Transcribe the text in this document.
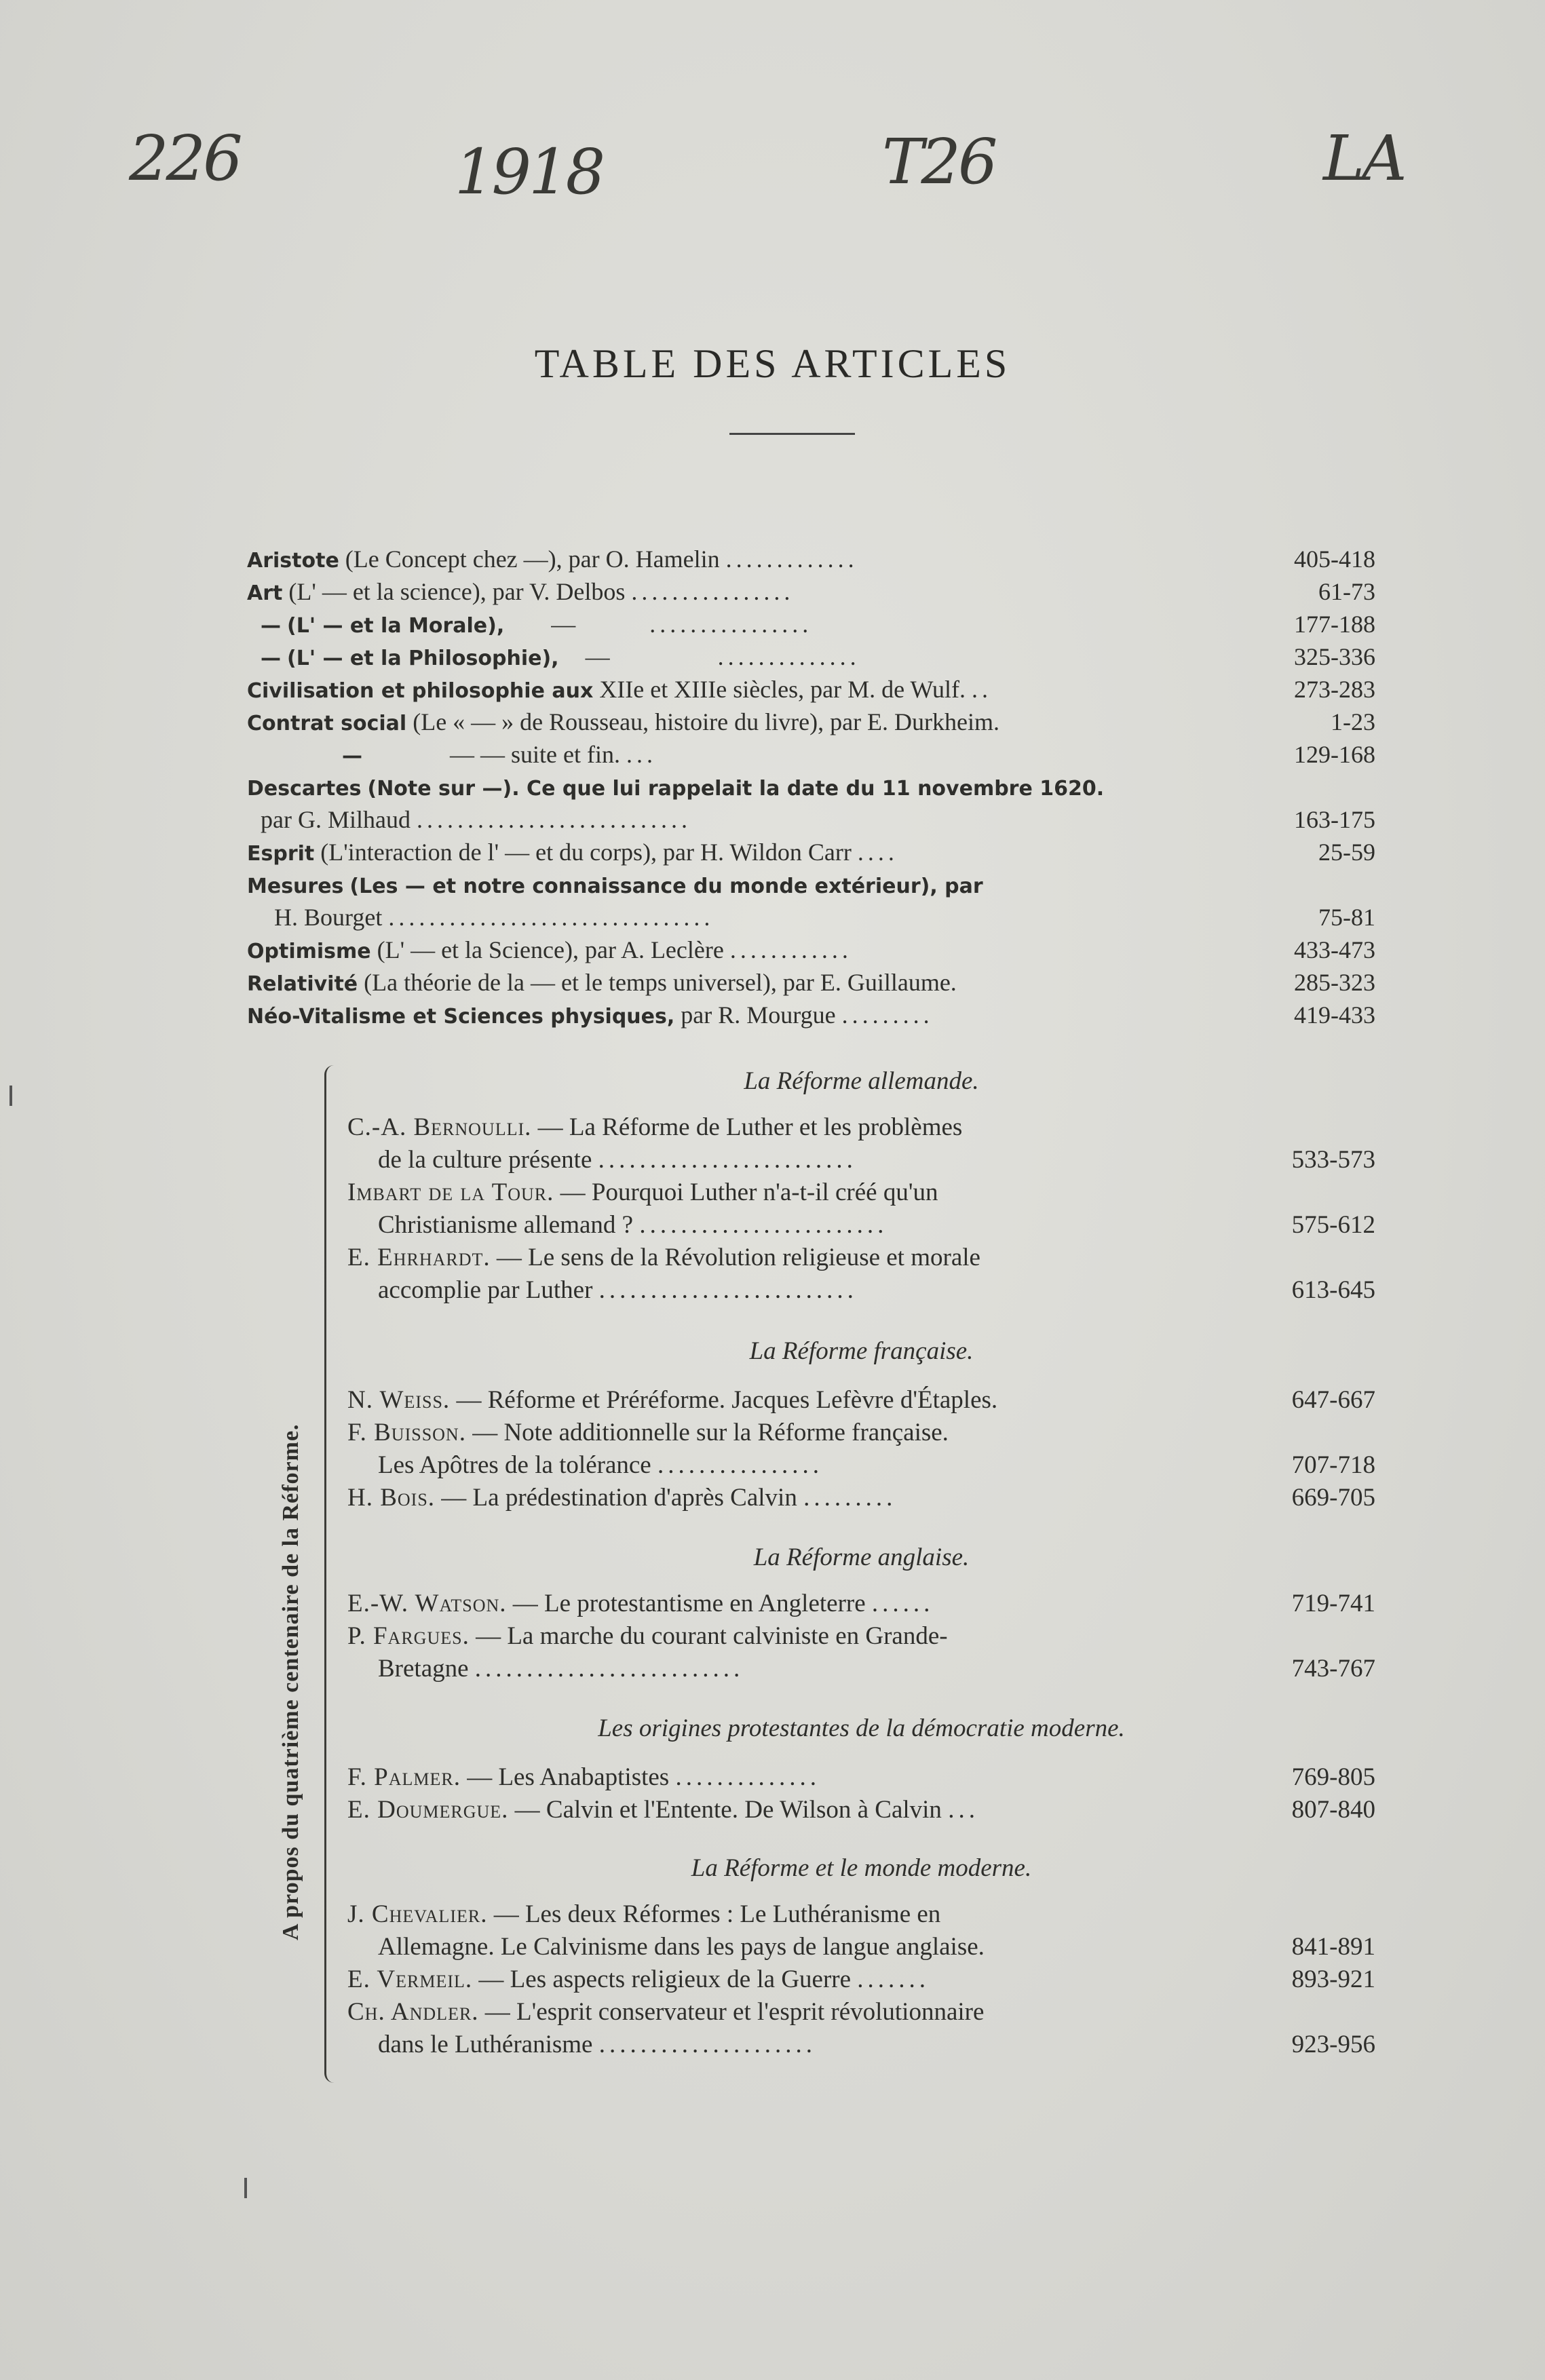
226	1918	T26	LA
TABLE DES ARTICLES
Aristote (Le Concept chez —), par O. Hamelin .............	405-418
Art (L' — et la science), par V. Delbos ................	61-73
— (L' — et la Morale), —	................	177-188
— (L' — et la Philosophie), —	..............	325-336
Civilisation et philosophie aux XIIe et XIIIe siècles, par M. de Wulf. ..	273-283
Contrat social (Le « — » de Rousseau, histoire du livre), par E. Durkheim.	1-23
—	— — suite et fin. ...	129-168
Descartes (Note sur —). Ce que lui rappelait la date du 11 novembre 1620.
par G. Milhaud ...........................	163-175
Esprit (L'interaction de l' — et du corps), par H. Wildon Carr ....	25-59
Mesures (Les — et notre connaissance du monde extérieur), par
H. Bourget ................................	75-81
Optimisme (L' — et la Science), par A. Leclère ............	433-473
Relativité (La théorie de la — et le temps universel), par E. Guillaume.	285-323
Néo-Vitalisme et Sciences physiques, par R. Mourgue .........	419-433
A propos du quatrième centenaire de la Réforme.
La Réforme allemande.
C.-A. Bernoulli. — La Réforme de Luther et les problèmes
de la culture présente .........................	533-573
Imbart de la Tour. — Pourquoi Luther n'a-t-il créé qu'un
Christianisme allemand ? ........................	575-612
E. Ehrhardt. — Le sens de la Révolution religieuse et morale
accomplie par Luther .........................	613-645
La Réforme française.
N. Weiss. — Réforme et Préréforme. Jacques Lefèvre d'Étaples.	647-667
F. Buisson. — Note additionnelle sur la Réforme française.
Les Apôtres de la tolérance ................	707-718
H. Bois. — La prédestination d'après Calvin .........	669-705
La Réforme anglaise.
E.-W. Watson. — Le protestantisme en Angleterre ......	719-741
P. Fargues. — La marche du courant calviniste en Grande-
Bretagne ..........................	743-767
Les origines protestantes de la démocratie moderne.
F. Palmer. — Les Anabaptistes ..............	769-805
E. Doumergue. — Calvin et l'Entente. De Wilson à Calvin ...	807-840
La Réforme et le monde moderne.
J. Chevalier. — Les deux Réformes : Le Luthéranisme en
Allemagne. Le Calvinisme dans les pays de langue anglaise.	841-891
E. Vermeil. — Les aspects religieux de la Guerre .......	893-921
Ch. Andler. — L'esprit conservateur et l'esprit révolutionnaire
dans le Luthéranisme .....................	923-956
